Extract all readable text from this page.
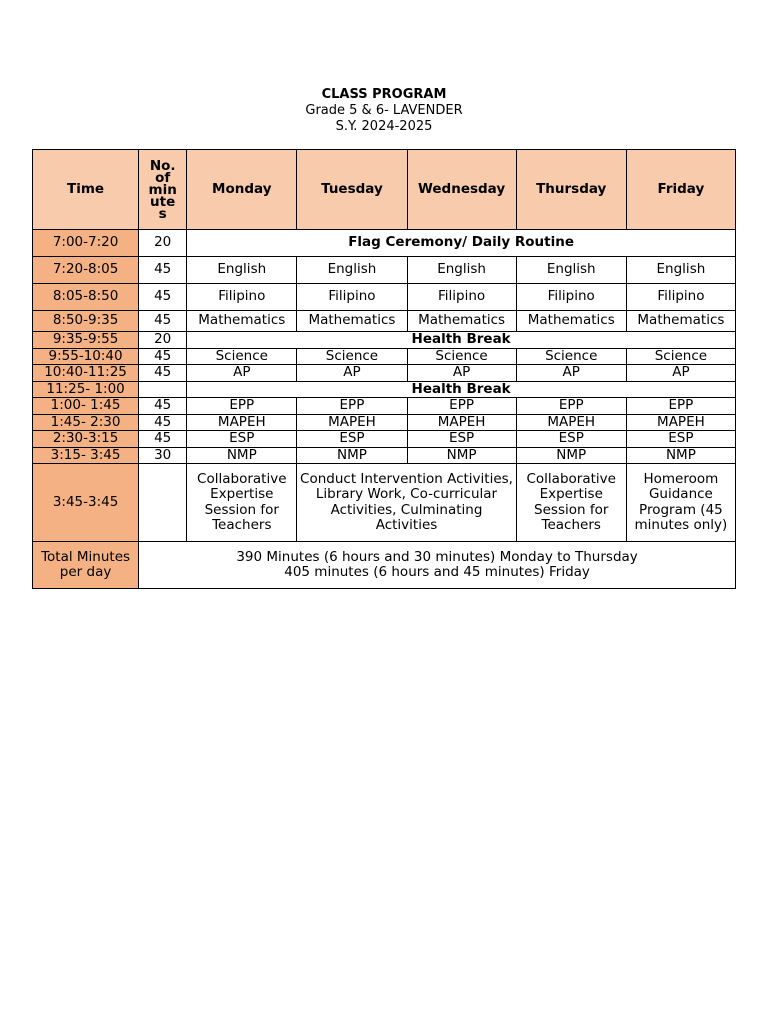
CLASS PROGRAM
Grade 5 & 6- LAVENDER
S.Y. 2024-2025
Time	No. of min ute s	Monday	Tuesday	Wednesday	Thursday	Friday
7:00-7:20	20	Flag Ceremony/ Daily Routine				
7:20-8:05	45	English	English	English	English	English
8:05-8:50	45	Filipino	Filipino	Filipino	Filipino	Filipino
8:50-9:35	45	Mathematics	Mathematics	Mathematics	Mathematics	Mathematics
9:35-9:55	20	Health Break				
9:55-10:40	45	Science	Science	Science	Science	Science
10:40-11:25	45	AP	AP	AP	AP	AP
11:25- 1:00		Health Break				
1:00- 1:45	45	EPP	EPP	EPP	EPP	EPP
1:45- 2:30	45	MAPEH	MAPEH	MAPEH	MAPEH	MAPEH
2:30-3:15	45	ESP	ESP	ESP	ESP	ESP
3:15- 3:45	30	NMP	NMP	NMP	NMP	NMP
3:45-3:45		Collaborative Expertise Session for Teachers	Conduct Intervention Activities, Library Work, Co-curricular Activities, Culminating Activities		Collaborative Expertise Session for Teachers	Homeroom Guidance Program (45 minutes only)
Total Minutes per day	390 Minutes (6 hours and 30 minutes) Monday to Thursday
405 minutes (6 hours and 45 minutes) Friday					
